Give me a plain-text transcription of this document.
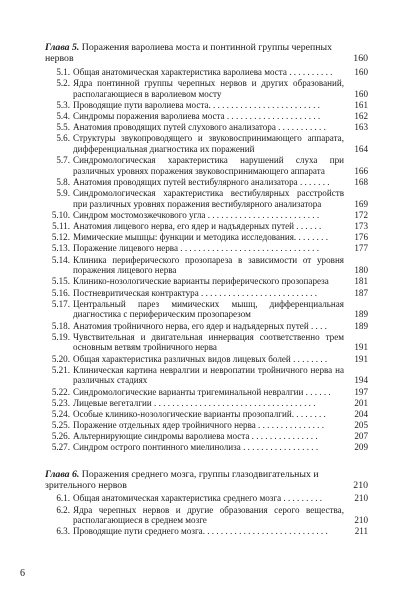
Глава 5. Поражения варолиева моста и понтинной группы черепных нервов	160
5.1. Общая анатомическая характеристика варолиева моста . . . . . . . . . .	160
5.2. Ядра понтинной группы черепных нервов и других образований, располагающиеся в варолиевом мосту	160
5.3. Проводящие пути варолиева моста. . . . . . . . . . . . . . . . . . . . . . . . .	161
5.4. Синдромы поражения варолиева моста . . . . . . . . . . . . . . . . . . . . .	162
5.5. Анатомия проводящих путей слухового анализатора . . . . . . . . . . .	163
5.6. Структуры звукопроводящего и звуковоспринимающего аппарата, дифференциальная диагностика их поражений	164
5.7. Синдромологическая характеристика нарушений слуха при различных уровнях поражения звуковоспринимающего аппарата	166
5.8. Анатомия проводящих путей вестибулярного анализатора . . . . . . .	168
5.9. Синдромологическая характеристика вестибулярных расстройств при различных уровнях поражения вестибулярного анализатора	169
5.10. Синдром мостомозжечкового угла . . . . . . . . . . . . . . . . . . . . . . . . .	172
5.11. Анатомия лицевого нерва, его ядер и надъядерных путей . . . . . .	173
5.12. Мимические мышцы: функции и методика исследования. . . . . . . .	176
5.13. Поражение лицевого нерва . . . . . . . . . . . . . . . . . . . . . . . . . . . . . . .	177
5.14. Клиника периферического прозопареза в зависимости от уровня поражения лицевого нерва	180
5.15. Клинико-нозологические варианты периферического прозопареза	181
5.16. Постневритическая контрактура . . . . . . . . . . . . . . . . . . . . . . . . . .	187
5.17. Центральный парез мимических мышц, дифференциальная диагностика с периферическим прозопарезом	189
5.18. Анатомия тройничного нерва, его ядер и надъядерных путей . . . .	189
5.19. Чувствительная и двигательная иннервация соответственно трем основным ветвям тройничного нерва	191
5.20. Общая характеристика различных видов лицевых болей . . . . . . . .	191
5.21. Клиническая картина невралгии и невропатии тройничного нерва на различных стадиях	194
5.22. Синдромологические варианты тригеминальной невралгии . . . . . .	197
5.23. Лицевые вегеталгии . . . . . . . . . . . . . . . . . . . . . . . . . . . . . . . . . . . .	201
5.24. Особые клинико-нозологические варианты прозопалгий. . . . . . . .	204
5.25. Поражение отдельных ядер тройничного нерва . . . . . . . . . . . . . . .	205
5.26. Альтернирующие синдромы варолиева моста . . . . . . . . . . . . . . .	207
5.27. Синдром острого понтинного миелинолиза . . . . . . . . . . . . . . . . .	209
Глава 6. Поражения среднего мозга, группы глазодвигательных и зрительного нервов	210
6.1. Общая анатомическая характеристика среднего мозга . . . . . . . . .	210
6.2. Ядра черепных нервов и другие образования серого вещества, располагающиеся в среднем мозге	210
6.3. Проводящие пути среднего мозга. . . . . . . . . . . . . . . . . . . . . . . . . . . .	211
6
